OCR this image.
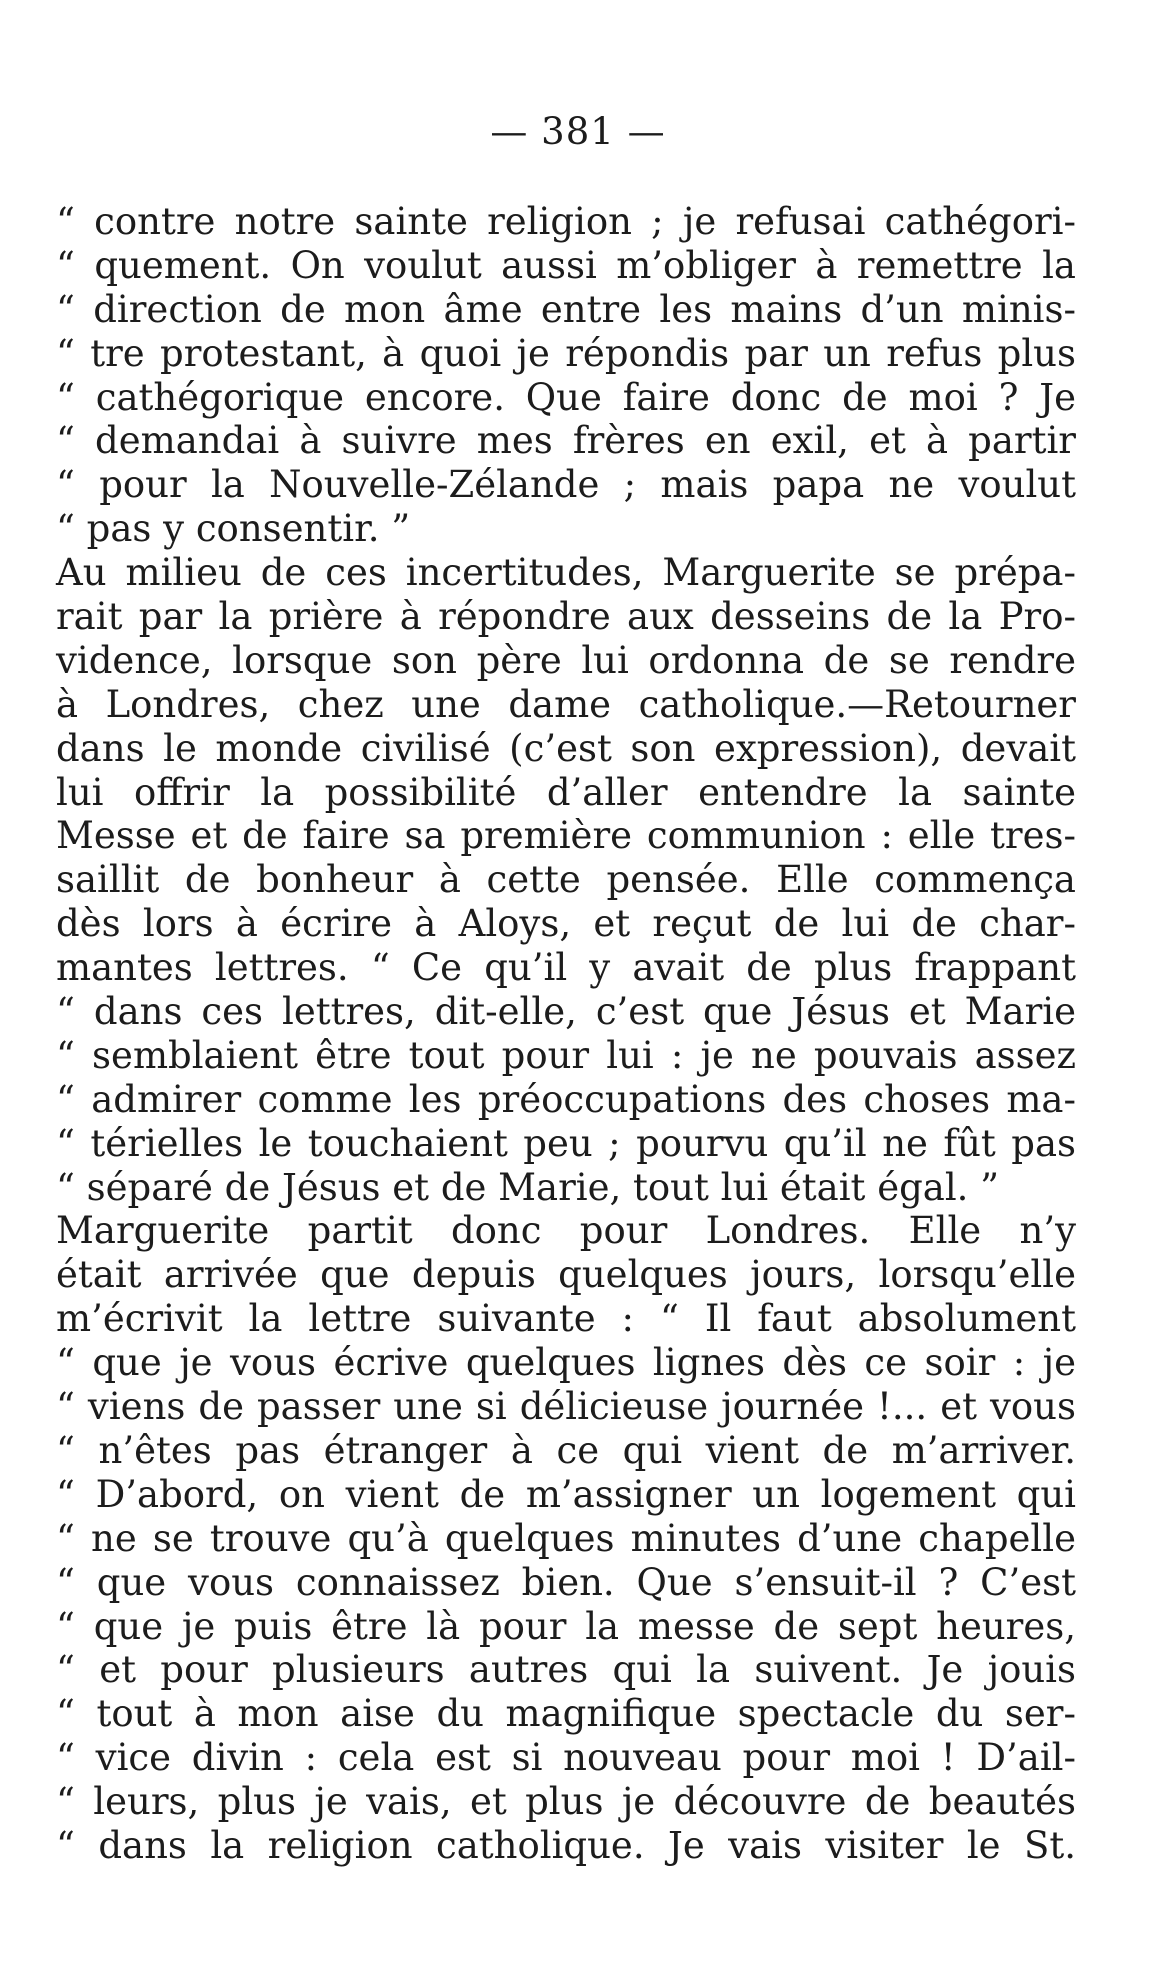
— 381 —
“ contre notre sainte religion ; je refusai cathégori-
“ quement. On voulut aussi m’obliger à remettre la
“ direction de mon âme entre les mains d’un minis-
“ tre protestant, à quoi je répondis par un refus plus
“ cathégorique encore. Que faire donc de moi ? Je
“ demandai à suivre mes frères en exil, et à partir
“ pour la Nouvelle-Zélande ; mais papa ne voulut
“ pas y consentir. ”
Au milieu de ces incertitudes, Marguerite se prépa-
rait par la prière à répondre aux desseins de la Pro-
vidence, lorsque son père lui ordonna de se rendre
à Londres, chez une dame catholique.—Retourner
dans le monde civilisé (c’est son expression), devait
lui offrir la possibilité d’aller entendre la sainte
Messe et de faire sa première communion : elle tres-
saillit de bonheur à cette pensée. Elle commença
dès lors à écrire à Aloys, et reçut de lui de char-
mantes lettres. “ Ce qu’il y avait de plus frappant
“ dans ces lettres, dit-elle, c’est que Jésus et Marie
“ semblaient être tout pour lui : je ne pouvais assez
“ admirer comme les préoccupations des choses ma-
“ térielles le touchaient peu ; pourvu qu’il ne fût pas
“ séparé de Jésus et de Marie, tout lui était égal. ”
Marguerite partit donc pour Londres. Elle n’y
était arrivée que depuis quelques jours, lorsqu’elle
m’écrivit la lettre suivante : “ Il faut absolument
“ que je vous écrive quelques lignes dès ce soir : je
“ viens de passer une si délicieuse journée !... et vous
“ n’êtes pas étranger à ce qui vient de m’arriver.
“ D’abord, on vient de m’assigner un logement qui
“ ne se trouve qu’à quelques minutes d’une chapelle
“ que vous connaissez bien. Que s’ensuit-il ? C’est
“ que je puis être là pour la messe de sept heures,
“ et pour plusieurs autres qui la suivent. Je jouis
“ tout à mon aise du magnifique spectacle du ser-
“ vice divin : cela est si nouveau pour moi ! D’ail-
“ leurs, plus je vais, et plus je découvre de beautés
“ dans la religion catholique. Je vais visiter le St.
